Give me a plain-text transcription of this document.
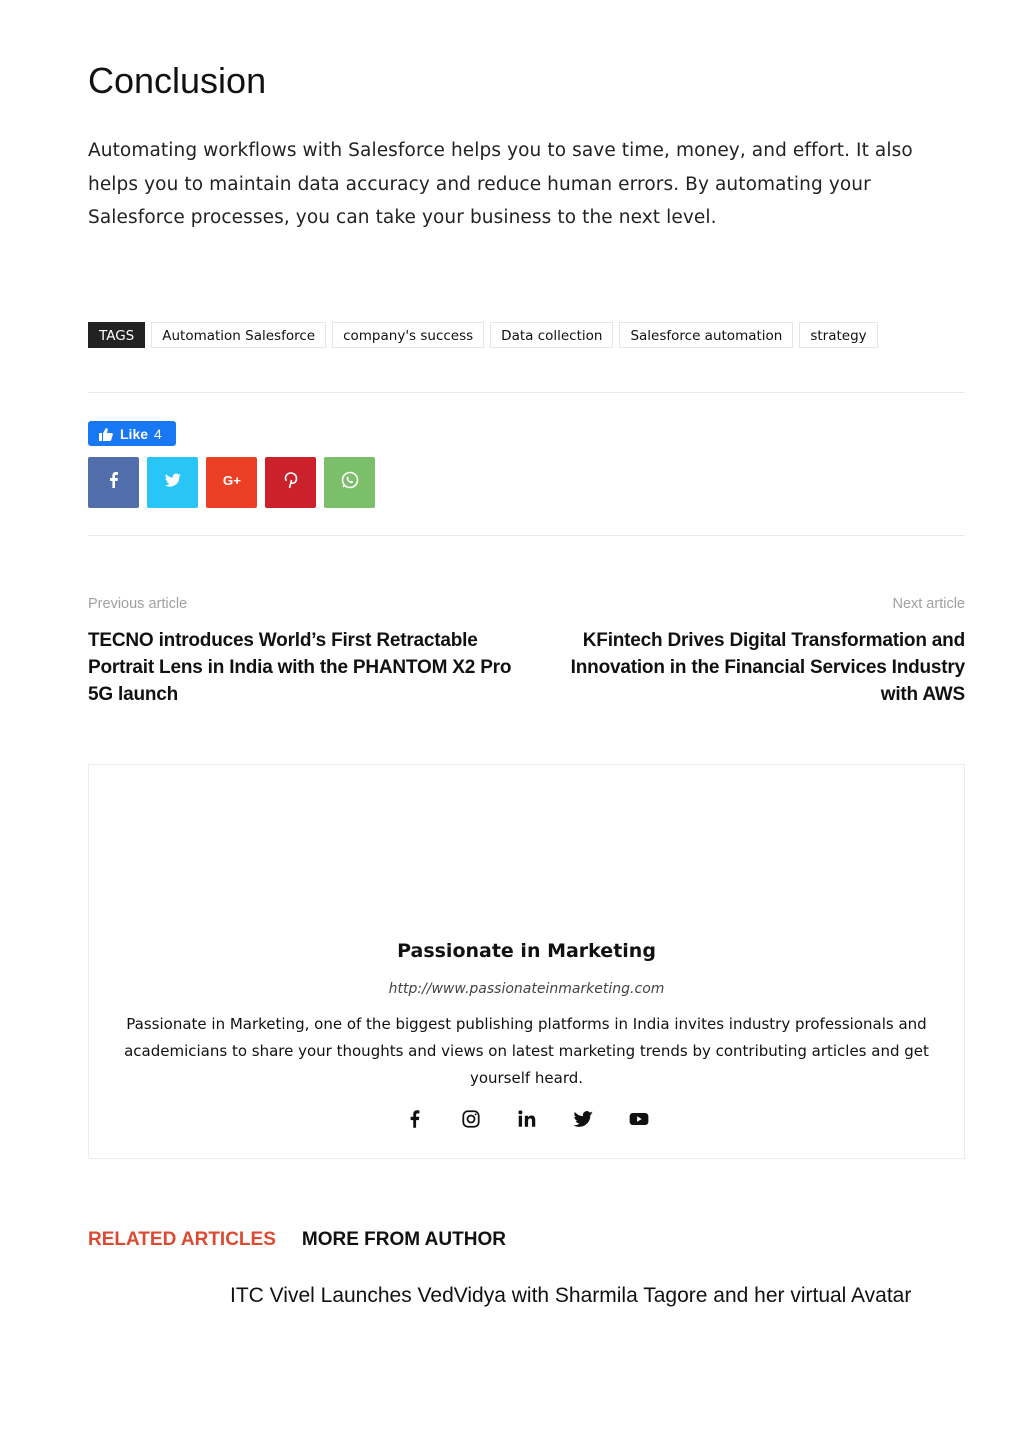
Conclusion

Automating workflows with Salesforce helps you to save time, money, and effort. It also helps you to maintain data accuracy and reduce human errors. By automating your Salesforce processes, you can take your business to the next level.

TAGS	Automation Salesforce	company's success	Data collection	Salesforce automation	strategy
Like 4
G+
Previous article
TECNO introduces World’s First Retractable Portrait Lens in India with the PHANTOM X2 Pro 5G launch
Next article
KFintech Drives Digital Transformation and Innovation in the Financial Services Industry with AWS
Passionate in Marketing
http://www.passionateinmarketing.com

Passionate in Marketing, one of the biggest publishing platforms in India invites industry professionals and academicians to share your thoughts and views on latest marketing trends by contributing articles and get yourself heard.

RELATED ARTICLES MORE FROM AUTHOR
ITC Vivel Launches VedVidya with Sharmila Tagore and her virtual Avatar
